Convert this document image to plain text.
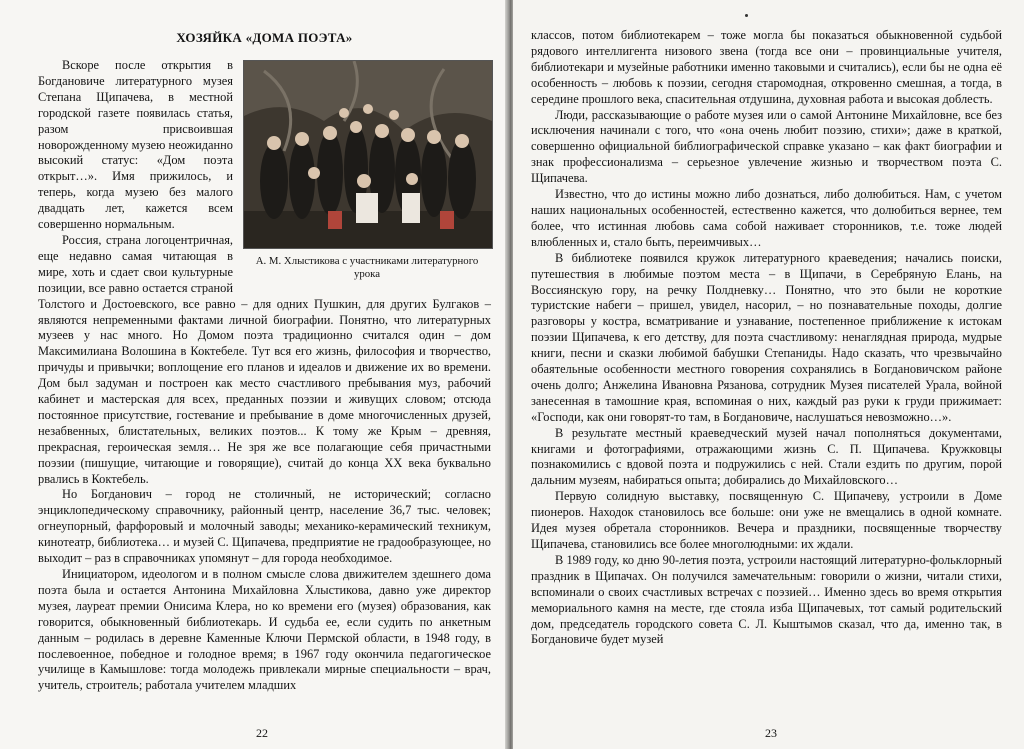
ХОЗЯЙКА «ДОМА ПОЭТА»
А. М. Хлыстикова с участниками литературного урока

Вскоре после открытия в Богдановиче литературного музея Степана Щипачева, в местной городской газете появилась статья, разом присвоившая новорожденному музею неожиданно высокий статус: «Дом поэта открыт…». Имя прижилось, и теперь, когда музею без малого двадцать лет, кажется всем совершенно нормальным.

Россия, страна логоцентричная, еще недавно самая читающая в мире, хоть и сдает свои культурные позиции, все равно остается страной Толстого и Достоевского, все равно – для одних Пушкин, для других Булгаков – являются непременными фактами личной биографии. Понятно, что литературных музеев у нас много. Но Домом поэта традиционно считался один – дом Максимилиана Волошина в Коктебеле. Тут вся его жизнь, философия и творчество, причуды и привычки; воплощение его планов и идеалов и движение их во времени. Дом был задуман и построен как место счастливого пребывания муз, рабочий кабинет и мастерская для всех, преданных поэзии и живущих словом; отсюда постоянное присутствие, гостевание и пребывание в доме многочисленных друзей, незабвенных, блистательных, великих поэтов... К тому же Крым – древняя, прекрасная, героическая земля… Не зря же все полагающие себя причастными поэзии (пишущие, читающие и говорящие), считай до конца XX века буквально рвались в Коктебель.

Но Богданович – город не столичный, не исторический; согласно энциклопедическому справочнику, районный центр, население 36,7 тыс. человек; огнеупорный, фарфоровый и молочный заводы; механико-керамический техникум, кинотеатр, библиотека… и музей С. Щипачева, предприятие не градообразующее, но выходит – раз в справочниках упомянут – для города необходимое.

Инициатором, идеологом и в полном смысле слова движителем здешнего дома поэта была и остается Антонина Михайловна Хлыстикова, давно уже директор музея, лауреат премии Онисима Клера, но ко времени его (музея) образования, как говорится, обыкновенный библиотекарь. И судьба ее, если судить по анкетным данным – родилась в деревне Каменные Ключи Пермской области, в 1948 году, в послевоенное, победное и голодное время; в 1967 году окончила педагогическое училище в Камышлове: тогда молодежь привлекали мирные специальности – врач, учитель, строитель; работала учителем младших

22

классов, потом библиотекарем – тоже могла бы показаться обыкновенной судьбой рядового интеллигента низового звена (тогда все они – провинциальные учителя, библиотекари и музейные работники именно таковыми и считались), если бы не одна её особенность – любовь к поэзии, сегодня старомодная, откровенно смешная, а тогда, в середине прошлого века, спасительная отдушина, духовная работа и высокая доблесть.

Люди, рассказывающие о работе музея или о самой Антонине Михайловне, все без исключения начинали с того, что «она очень любит поэзию, стихи»; даже в краткой, совершенно официальной библиографической справке указано – как факт биографии и знак профессионализма – серьезное увлечение жизнью и творчеством поэта С. Щипачева.

Известно, что до истины можно либо дознаться, либо долюбиться. Нам, с учетом наших национальных особенностей, естественно кажется, что долюбиться вернее, тем более, что истинная любовь сама собой наживает сторонников, т.е. тоже людей влюбленных и, стало быть, переимчивых…

В библиотеке появился кружок литературного краеведения; начались поиски, путешествия в любимые поэтом места – в Щипачи, в Серебряную Елань, на Воссиянскую гору, на речку Полдневку… Понятно, что это были не короткие туристские набеги – пришел, увидел, насорил, – но познавательные походы, долгие разговоры у костра, всматривание и узнавание, постепенное приближение к истокам поэзии Щипачева, к его детству, для поэта счастливому: ненаглядная природа, мудрые книги, песни и сказки любимой бабушки Степаниды. Надо сказать, что чрезвычайно обаятельные особенности местного говорения сохранялись в Богдановичском районе очень долго; Анжелина Ивановна Рязанова, сотрудник Музея писателей Урала, войной занесенная в тамошние края, вспоминая о них, каждый раз руки к груди прижимает: «Господи, как они говорят-то там, в Богдановиче, наслушаться невозможно…».

В результате местный краеведческий музей начал пополняться документами, книгами и фотографиями, отражающими жизнь С. П. Щипачева. Кружковцы познакомились с вдовой поэта и подружились с ней. Стали ездить по другим, порой дальним музеям, набираться опыта; добирались до Михайловского…

Первую солидную выставку, посвященную С. Щипачеву, устроили в Доме пионеров. Находок становилось все больше: они уже не вмещались в одной комнате. Идея музея обретала сторонников. Вечера и праздники, посвященные творчеству Щипачева, становились все более многолюдными: их ждали.

В 1989 году, ко дню 90-летия поэта, устроили настоящий литературно-фольклорный праздник в Щипачах. Он получился замечательным: говорили о жизни, читали стихи, вспоминали о своих счастливых встречах с поэзией… Именно здесь во время открытия мемориального камня на месте, где стояла изба Щипачевых, тот самый родительский дом, председатель городского совета С. Л. Кыштымов сказал, что да, именно так, в Богдановиче будет музей

23
